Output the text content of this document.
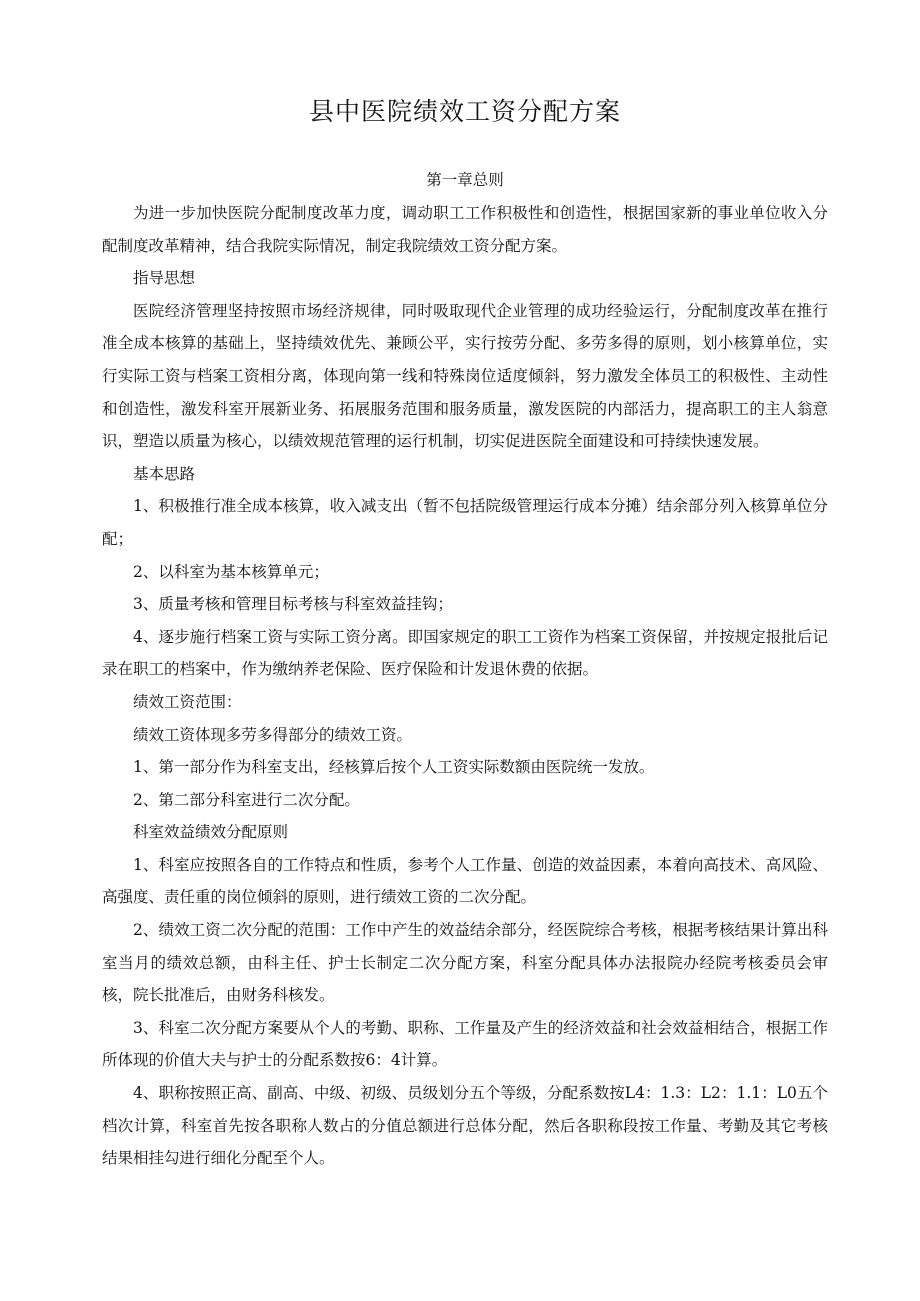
县中医院绩效工资分配方案
第一章总则

为进一步加快医院分配制度改革力度，调动职工工作积极性和创造性，根据国家新的事业单位收入分配制度改革精神，结合我院实际情况，制定我院绩效工资分配方案。

指导思想

医院经济管理坚持按照市场经济规律，同时吸取现代企业管理的成功经验运行，分配制度改革在推行准全成本核算的基础上，坚持绩效优先、兼顾公平，实行按劳分配、多劳多得的原则，划小核算单位，实行实际工资与档案工资相分离，体现向第一线和特殊岗位适度倾斜，努力激发全体员工的积极性、主动性和创造性，激发科室开展新业务、拓展服务范围和服务质量，激发医院的内部活力，提高职工的主人翁意识，塑造以质量为核心，以绩效规范管理的运行机制，切实促进医院全面建设和可持续快速发展。

基本思路

1、积极推行准全成本核算，收入减支出（暂不包括院级管理运行成本分摊）结余部分列入核算单位分配；

2、以科室为基本核算单元；

3、质量考核和管理目标考核与科室效益挂钩；

4、逐步施行档案工资与实际工资分离。即国家规定的职工工资作为档案工资保留，并按规定报批后记录在职工的档案中，作为缴纳养老保险、医疗保险和计发退休费的依据。

绩效工资范围：

绩效工资体现多劳多得部分的绩效工资。

1、第一部分作为科室支出，经核算后按个人工资实际数额由医院统一发放。

2、第二部分科室进行二次分配。

科室效益绩效分配原则

1、科室应按照各自的工作特点和性质，参考个人工作量、创造的效益因素，本着向高技术、高风险、高强度、责任重的岗位倾斜的原则，进行绩效工资的二次分配。

2、绩效工资二次分配的范围：工作中产生的效益结余部分，经医院综合考核，根据考核结果计算出科室当月的绩效总额，由科主任、护士长制定二次分配方案，科室分配具体办法报院办经院考核委员会审核，院长批准后，由财务科核发。

3、科室二次分配方案要从个人的考勤、职称、工作量及产生的经济效益和社会效益相结合，根据工作所体现的价值大夫与护士的分配系数按6：4计算。

4、职称按照正高、副高、中级、初级、员级划分五个等级，分配系数按L4：1.3：L2：1.1：L0五个档次计算，科室首先按各职称人数占的分值总额进行总体分配，然后各职称段按工作量、考勤及其它考核结果相挂勾进行细化分配至个人。
